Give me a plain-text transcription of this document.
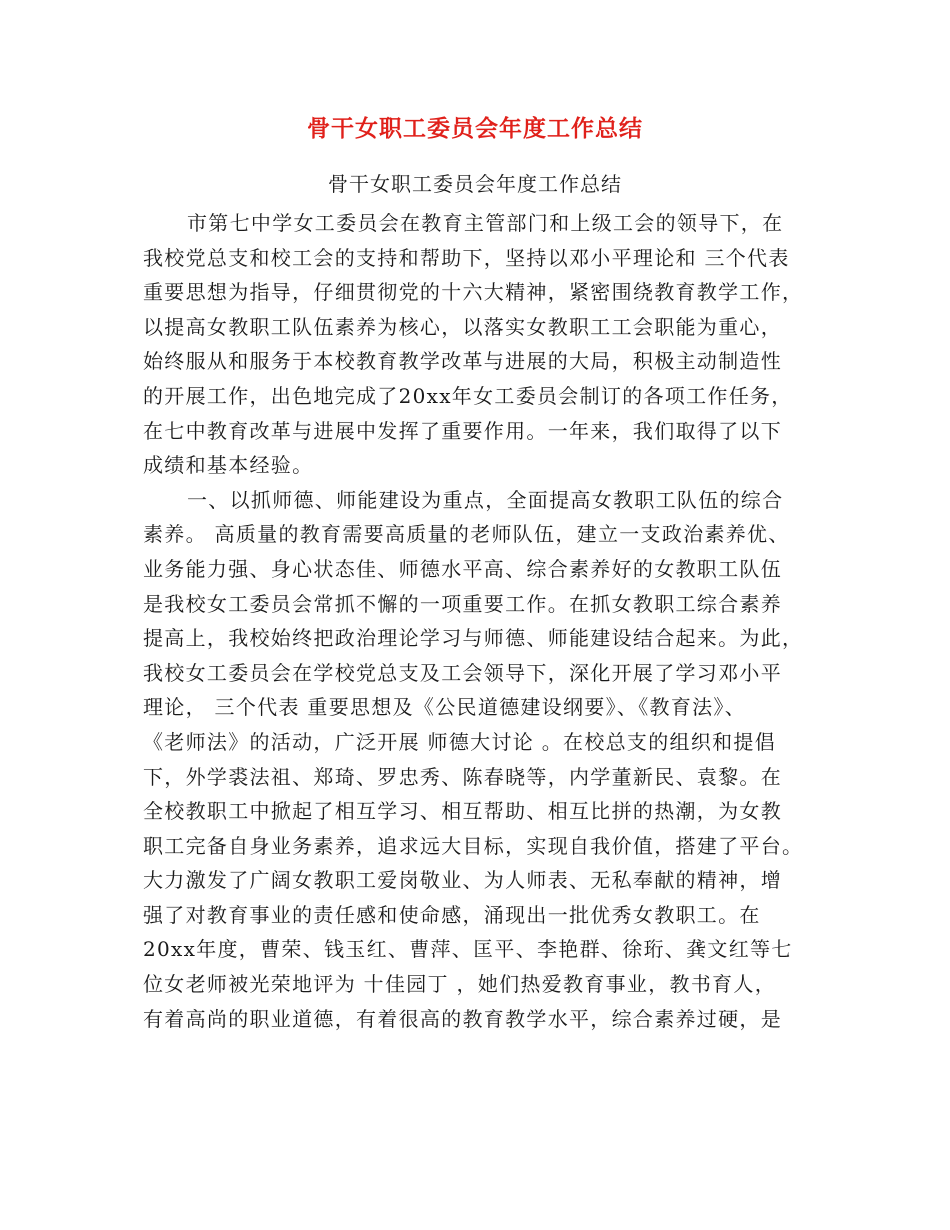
骨干女职工委员会年度工作总结
骨干女职工委员会年度工作总结
市第七中学女工委员会在教育主管部门和上级工会的领导下，在
我校党总支和校工会的支持和帮助下，坚持以邓小平理论和 三个代表
重要思想为指导，仔细贯彻党的十六大精神，紧密围绕教育教学工作，
以提高女教职工队伍素养为核心，以落实女教职工工会职能为重心，
始终服从和服务于本校教育教学改革与进展的大局，积极主动制造性
的开展工作，出色地完成了20xx年女工委员会制订的各项工作任务，
在七中教育改革与进展中发挥了重要作用。一年来，我们取得了以下
成绩和基本经验。
一、以抓师德、师能建设为重点，全面提高女教职工队伍的综合
素养。 高质量的教育需要高质量的老师队伍，建立一支政治素养优、
业务能力强、身心状态佳、师德水平高、综合素养好的女教职工队伍
是我校女工委员会常抓不懈的一项重要工作。在抓女教职工综合素养
提高上，我校始终把政治理论学习与师德、师能建设结合起来。为此，
我校女工委员会在学校党总支及工会领导下，深化开展了学习邓小平
理论， 三个代表 重要思想及《公民道德建设纲要》、《教育法》、
《老师法》的活动，广泛开展 师德大讨论 。在校总支的组织和提倡
下，外学裘法祖、郑琦、罗忠秀、陈春晓等，内学董新民、袁黎。在
全校教职工中掀起了相互学习、相互帮助、相互比拼的热潮，为女教
职工完备自身业务素养，追求远大目标，实现自我价值，搭建了平台。
大力激发了广阔女教职工爱岗敬业、为人师表、无私奉献的精神，增
强了对教育事业的责任感和使命感，涌现出一批优秀女教职工。在
20xx年度，曹荣、钱玉红、曹萍、匡平、李艳群、徐珩、龚文红等七
位女老师被光荣地评为 十佳园丁 ，她们热爱教育事业，教书育人，
有着高尚的职业道德，有着很高的教育教学水平，综合素养过硬，是
